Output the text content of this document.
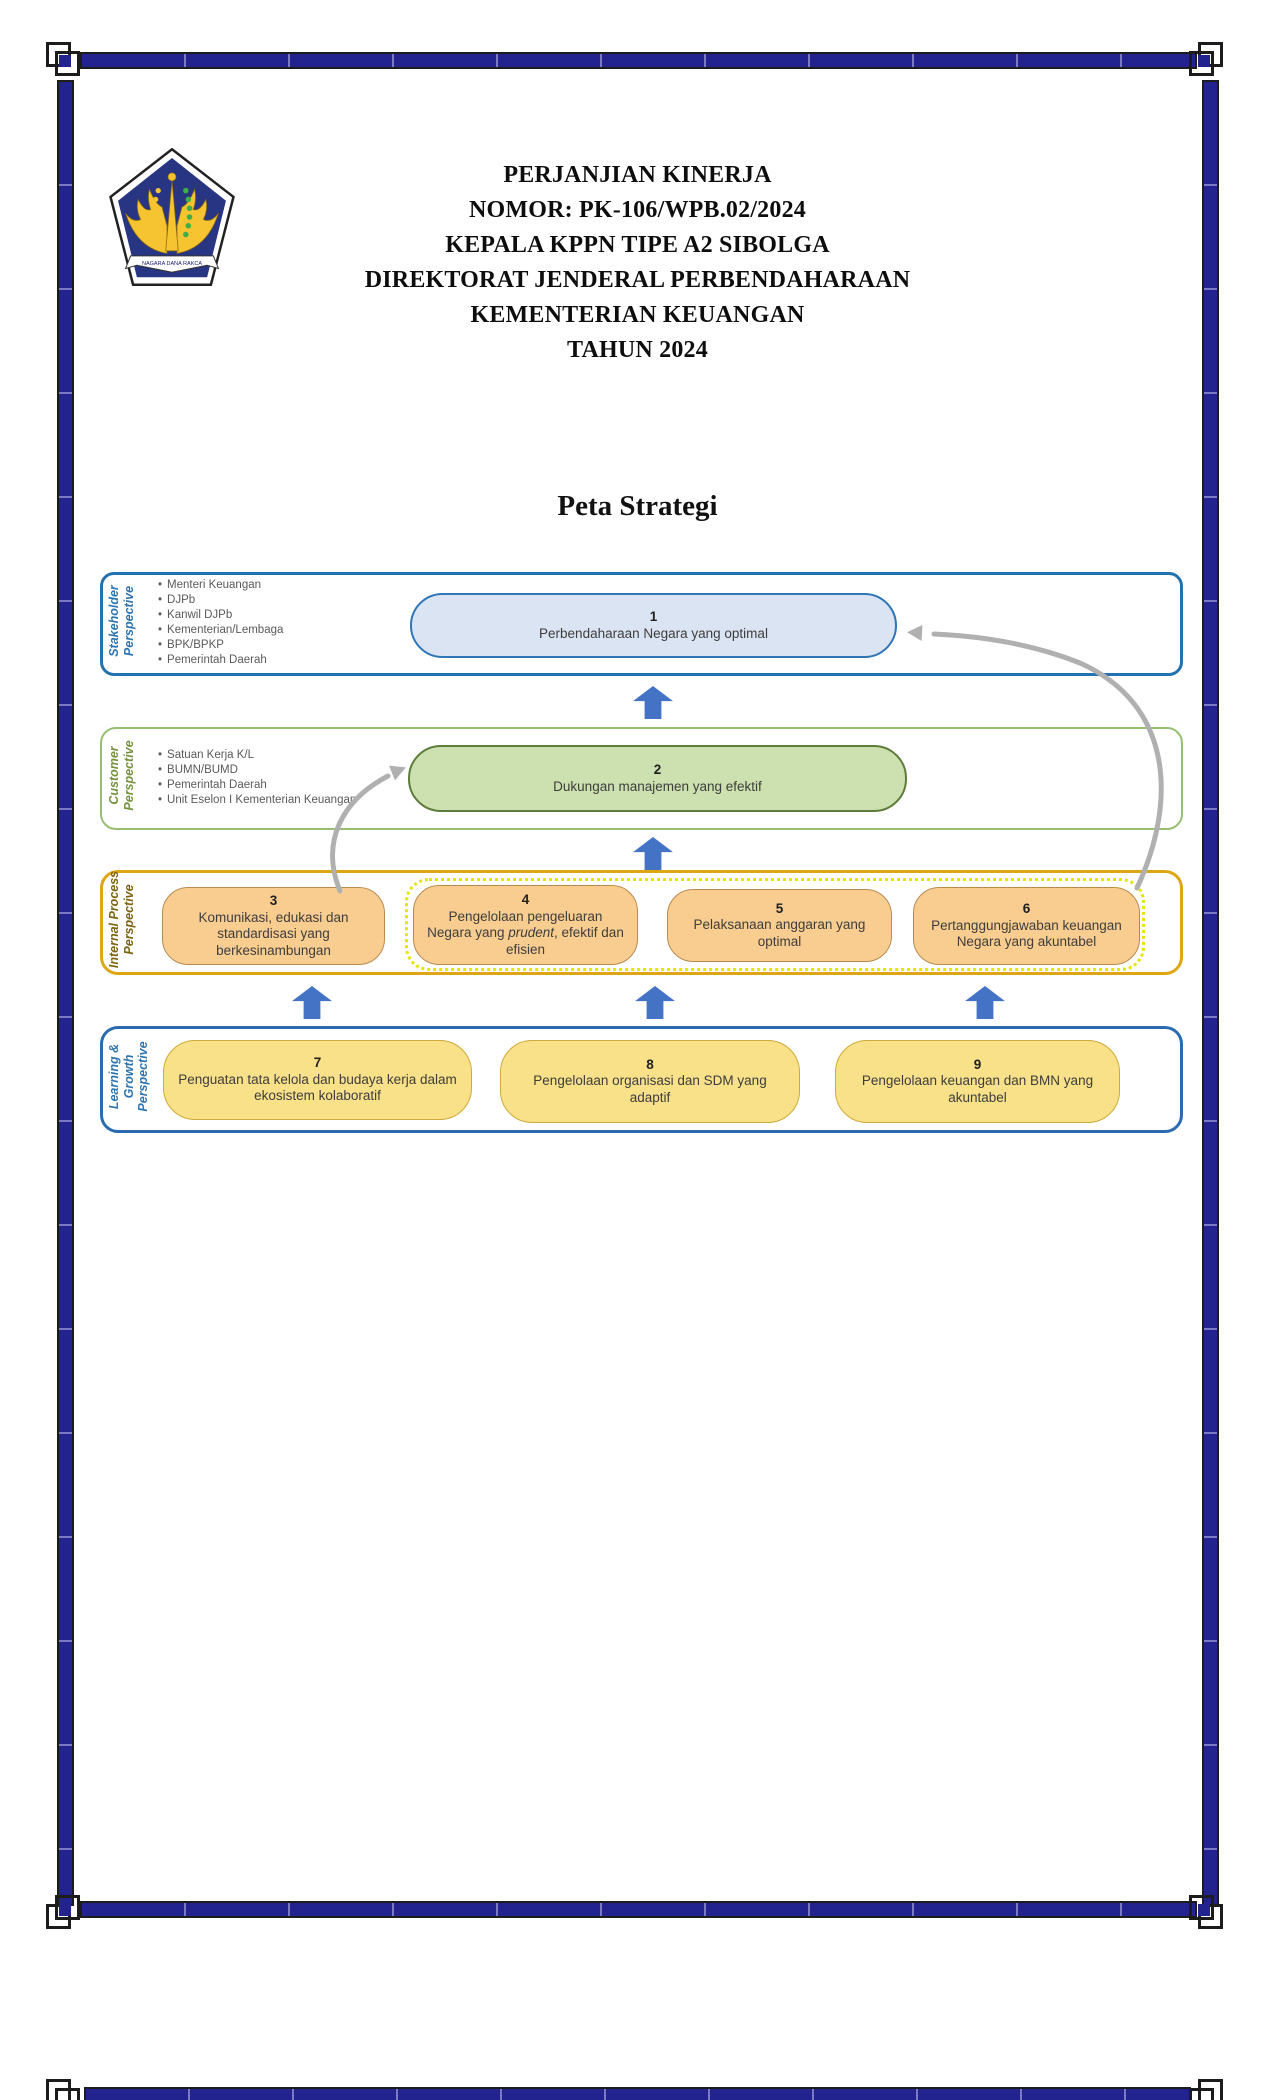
NAGARA DANA RAKCA
PERJANJIAN KINERJA
NOMOR: PK-106/WPB.02/2024
KEPALA KPPN TIPE A2 SIBOLGA
DIREKTORAT JENDERAL PERBENDAHARAAN
KEMENTERIAN KEUANGAN
TAHUN 2024
Peta Strategi
Stakeholder Perspective
Customer Perspective
Internal Process Perspective
Learning & Growth Perspective
• Menteri Keuangan
• DJPb
• Kanwil DJPb
• Kementerian/Lembaga
• BPK/BPKP
• Pemerintah Daerah
• Satuan Kerja K/L
• BUMN/BUMD
• Pemerintah Daerah
• Unit Eselon I Kementerian Keuangan
1
Perbendaharaan Negara yang optimal
2
Dukungan manajemen yang efektif
3
Komunikasi, edukasi dan standardisasi yang berkesinambungan
4
Pengelolaan pengeluaran Negara yang prudent, efektif dan efisien
5
Pelaksanaan anggaran yang optimal
6
Pertanggungjawaban keuangan Negara yang akuntabel
7
Penguatan tata kelola dan budaya kerja dalam ekosistem kolaboratif
8
Pengelolaan organisasi dan SDM yang adaptif
9
Pengelolaan keuangan dan BMN yang akuntabel
